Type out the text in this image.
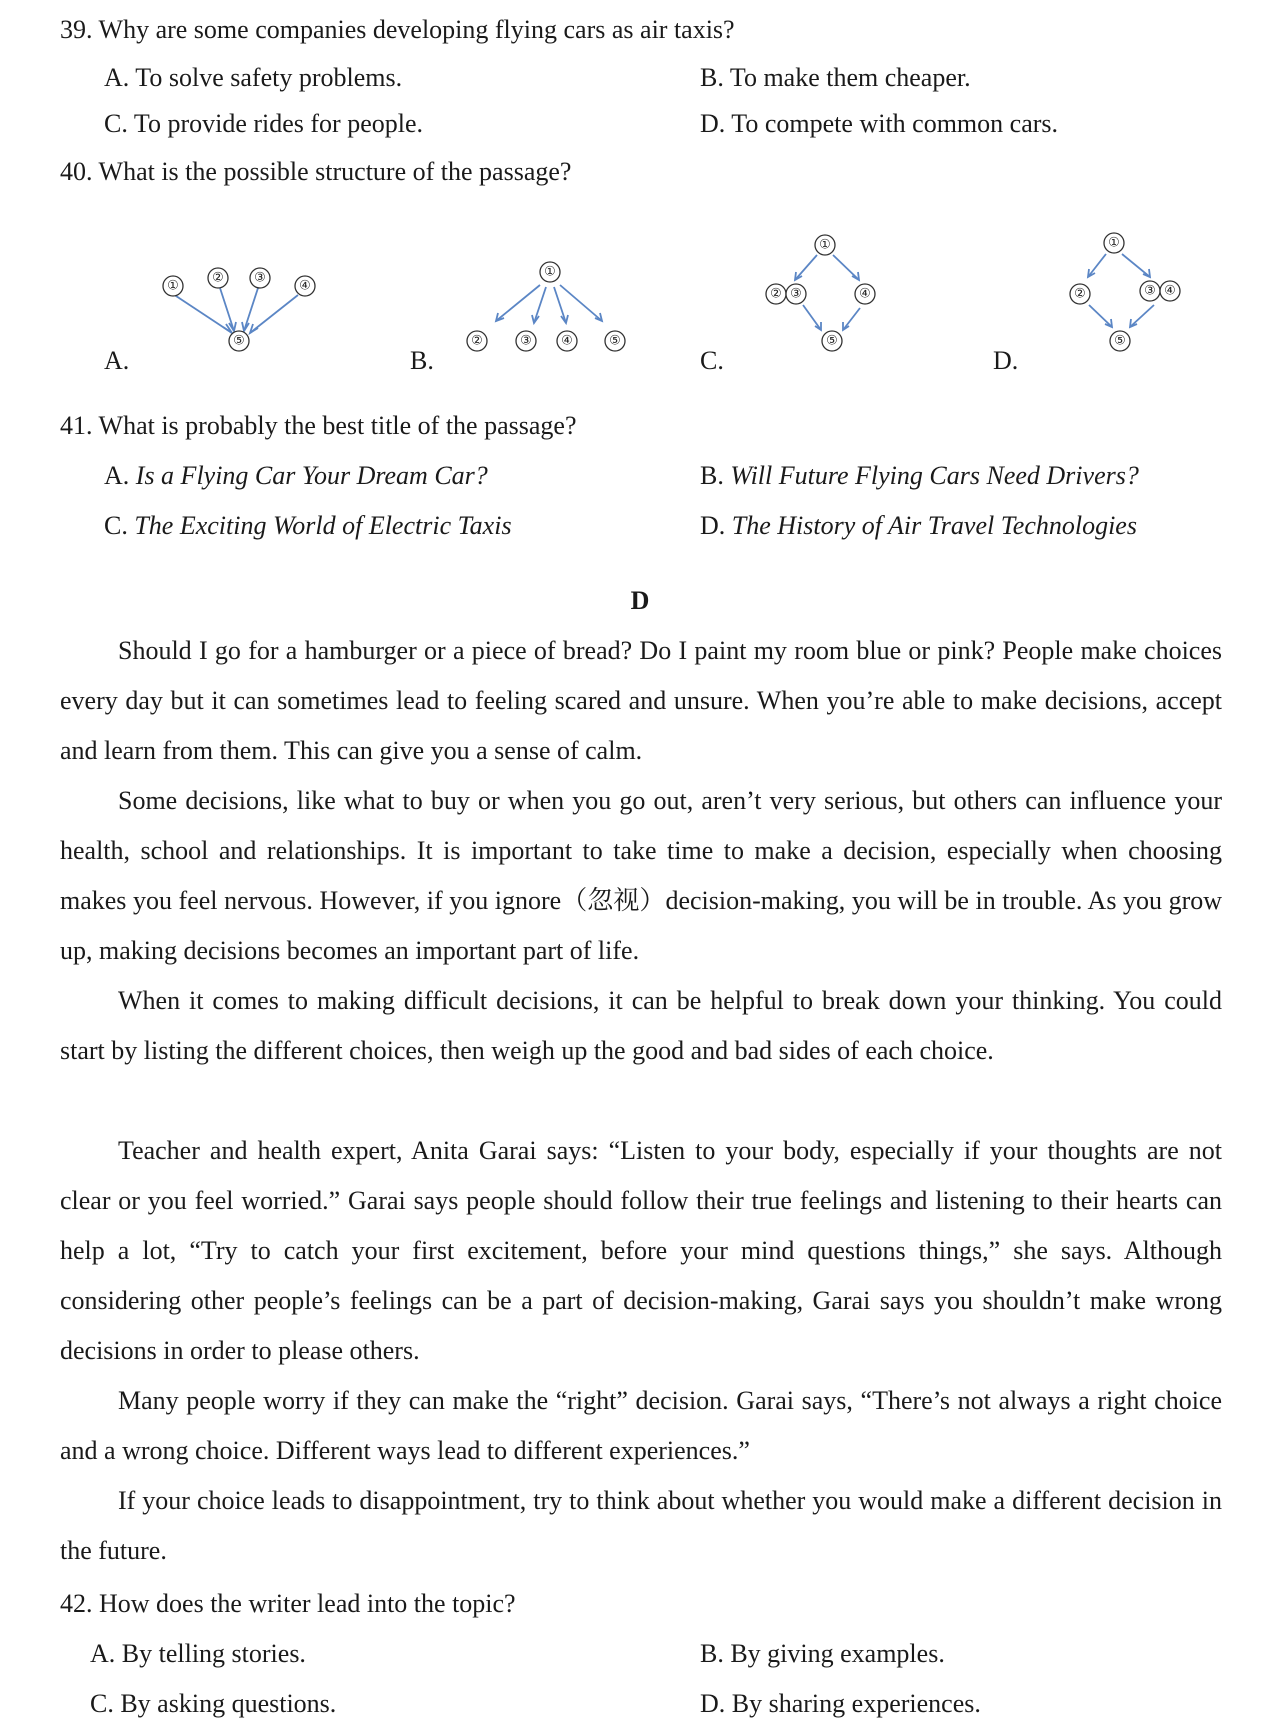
39. Why are some companies developing flying cars as air taxis?
A. To solve safety problems.	B. To make them cheaper.
C. To provide rides for people.	D. To compete with common cars.
40. What is the possible structure of the passage?
A.
①
② ③
④
⑤
B.
①
②	③ ④	⑤
C.
①
② ③	④
⑤
D.
①
②	③ ④
⑤
41. What is probably the best title of the passage?
A. Is a Flying Car Your Dream Car?	B. Will Future Flying Cars Need Drivers?
C. The Exciting World of Electric Taxis	D. The History of Air Travel Technologies
D

Should I go for a hamburger or a piece of bread? Do I paint my room blue or pink? People make choices every day but it can sometimes lead to feeling scared and unsure. When you’re able to make decisions, accept and learn from them. This can give you a sense of calm.

Some decisions, like what to buy or when you go out, aren’t very serious, but others can influence your health, school and relationships. It is important to take time to make a decision, especially when choosing makes you feel nervous. However, if you ignore（忽视）decision-making, you will be in trouble. As you grow up, making decisions becomes an important part of life.

When it comes to making difficult decisions, it can be helpful to break down your thinking. You could start by listing the different choices, then weigh up the good and bad sides of each choice.

Teacher and health expert, Anita Garai says: “Listen to your body, especially if your thoughts are not clear or you feel worried.” Garai says people should follow their true feelings and listening to their hearts can help a lot, “Try to catch your first excitement, before your mind questions things,” she says. Although considering other people’s feelings can be a part of decision-making, Garai says you shouldn’t make wrong decisions in order to please others.

Many people worry if they can make the “right” decision. Garai says, “There’s not always a right choice and a wrong choice. Different ways lead to different experiences.”

If your choice leads to disappointment, try to think about whether you would make a different decision in the future.

42. How does the writer lead into the topic?
A. By telling stories.	B. By giving examples.
C. By asking questions.	D. By sharing experiences.
